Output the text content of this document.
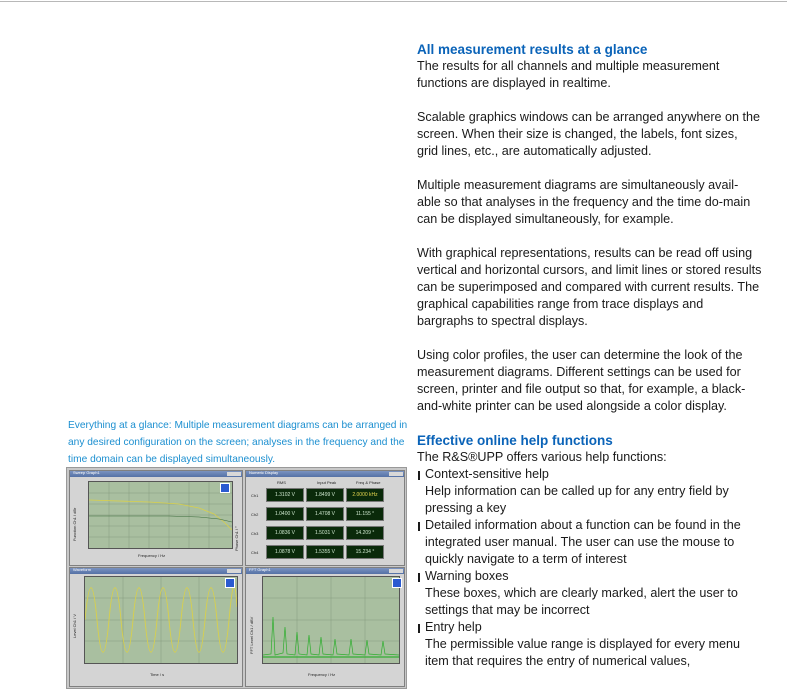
All measurement results at a glance

The results for all channels and multiple measurement functions are displayed in realtime.

Scalable graphics windows can be arranged anywhere on the screen. When their size is changed, the labels, font sizes, grid lines, etc., are automatically adjusted.

Multiple measurement diagrams are simultaneously avail-able so that analyses in the frequency and the time do-main can be displayed simultaneously, for example.

With graphical representations, results can be read off using vertical and horizontal cursors, and limit lines or stored results can be superimposed and compared with current results. The graphical capabilities range from trace displays and bargraphs to spectral displays.

Using color profiles, the user can determine the look of the measurement diagrams. Different settings can be used for screen, printer and file output so that, for example, a black-and-white printer can be used alongside a color display.

Effective online help functions

The R&S®UPP offers various help functions:

Context-sensitive help
Help information can be called up for any entry field by pressing a key
Detailed information about a function can be found in the integrated user manual. The user can use the mouse to quickly navigate to a term of interest
Warning boxes
These boxes, which are clearly marked, alert the user to settings that may be incorrect
Entry help
The permissible value range is displayed for every menu item that requires the entry of numerical values,
Everything at a glance: Multiple measurement diagrams can be arranged in any desired configuration on the screen; analyses in the frequency and the time domain can be displayed simultaneously.
Sweep Graph1
Function Ch1 / dBr	Phase Ch1 / °
Frequency / Hz
Numeric Display
RMS	Input Peak	Freq & Phase
Ch1	1.3102 V	1.8499 V	2.0000 kHz
Ch2	1.0400 V	1.4708 V	11.155 °
Ch3	1.0836 V	1.5031 V	14.209 °
Ch4	1.0878 V	1.5355 V	15.234 °
Waveform
Level Ch1 / V
Time / s
FFT Graph1
FFT Level Ch1 / dBV
Frequency / Hz
